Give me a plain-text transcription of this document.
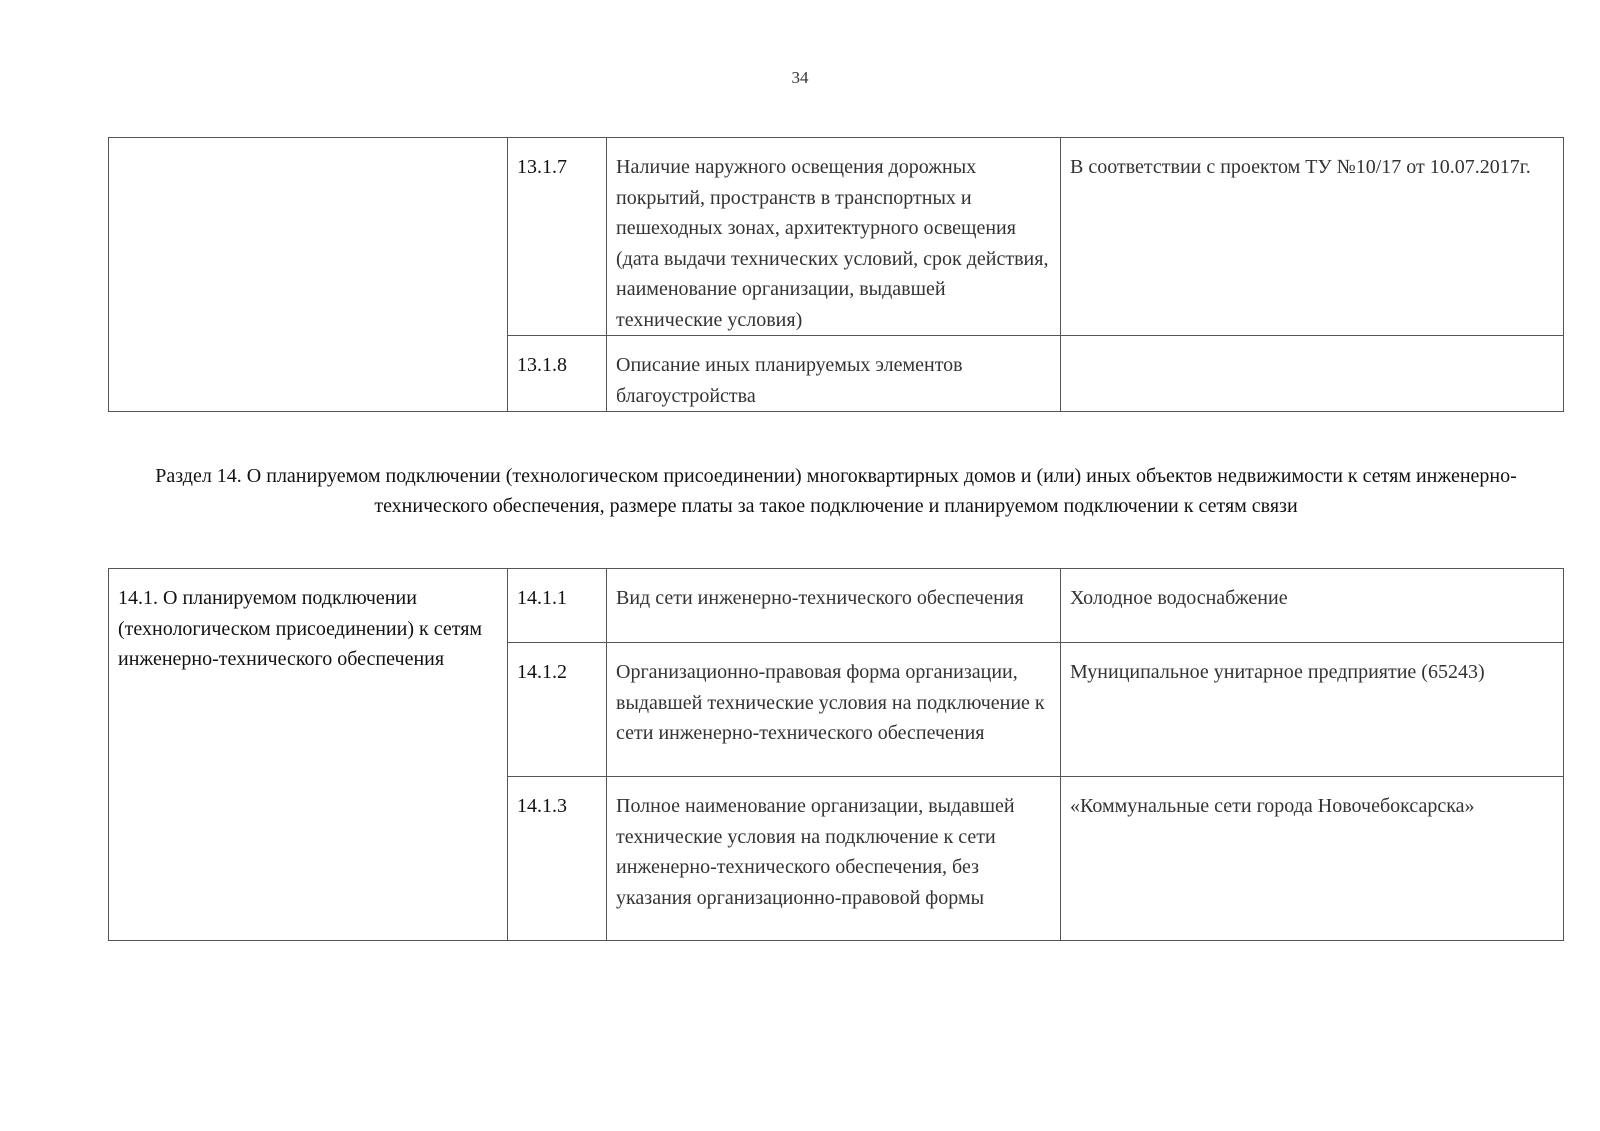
34
	13.1.7	Наличие наружного освещения дорожных покрытий, пространств в транспортных и пешеходных зонах, архитектурного освещения (дата выдачи технических условий, срок действия, наименование организации, выдавшей технические условия)	В соответствии с проектом ТУ №10/17 от 10.07.2017г.
	13.1.8	Описание иных планируемых элементов благоустройства	
Раздел 14. О планируемом подключении (технологическом присоединении) многоквартирных домов и (или) иных объектов недвижимости к сетям инженерно-технического обеспечения, размере платы за такое подключение и планируемом подключении к сетям связи
14.1. О планируемом подключении (технологическом присоединении) к сетям инженерно-технического обеспечения	14.1.1	Вид сети инженерно-технического обеспечения	Холодное водоснабжение
	14.1.2	Организационно-правовая форма организации, выдавшей технические условия на подключение к сети инженерно-технического обеспечения	Муниципальное унитарное предприятие (65243)
	14.1.3	Полное наименование организации, выдавшей технические условия на подключение к сети инженерно-технического обеспечения, без указания организационно-правовой формы	«Коммунальные сети города Новочебоксарска»
